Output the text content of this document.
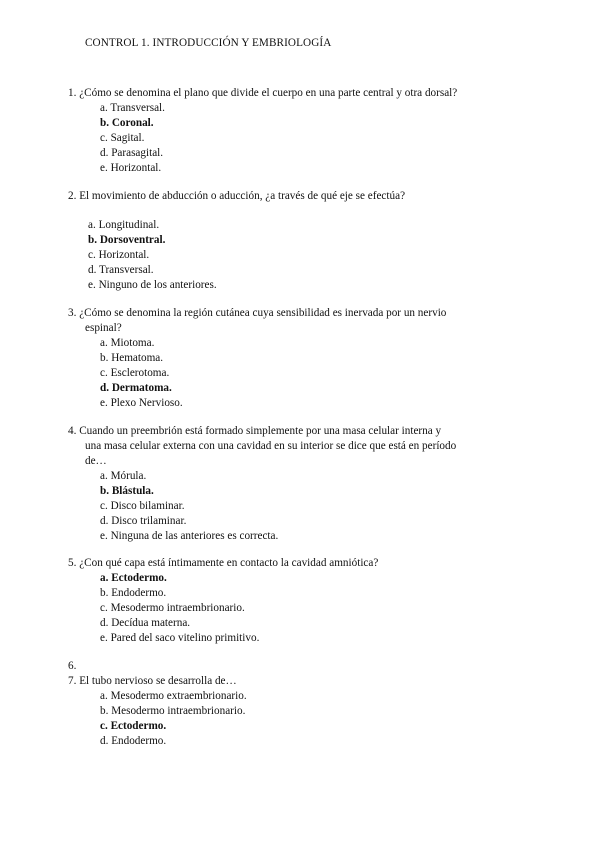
CONTROL 1. INTRODUCCIÓN Y EMBRIOLOGÍA
1. ¿Cómo se denomina el plano que divide el cuerpo en una parte central y otra dorsal?
a. Transversal.
b. Coronal.
c. Sagital.
d. Parasagital.
e. Horizontal.
2. El movimiento de abducción o aducción, ¿a través de qué eje se efectúa?
a. Longitudinal.
b. Dorsoventral.
c. Horizontal.
d. Transversal.
e. Ninguno de los anteriores.
3. ¿Cómo se denomina la región cutánea cuya sensibilidad es inervada por un nervio
espinal?
a. Miotoma.
b. Hematoma.
c. Esclerotoma.
d. Dermatoma.
e. Plexo Nervioso.
4. Cuando un preembrión está formado simplemente por una masa celular interna y
una masa celular externa con una cavidad en su interior se dice que está en período
de…
a. Mórula.
b. Blástula.
c. Disco bilaminar.
d. Disco trilaminar.
e. Ninguna de las anteriores es correcta.
5. ¿Con qué capa está íntimamente en contacto la cavidad amniótica?
a. Ectodermo.
b. Endodermo.
c. Mesodermo intraembrionario.
d. Decídua materna.
e. Pared del saco vitelino primitivo.
6.
7. El tubo nervioso se desarrolla de…
a. Mesodermo extraembrionario.
b. Mesodermo intraembrionario.
c. Ectodermo.
d. Endodermo.
